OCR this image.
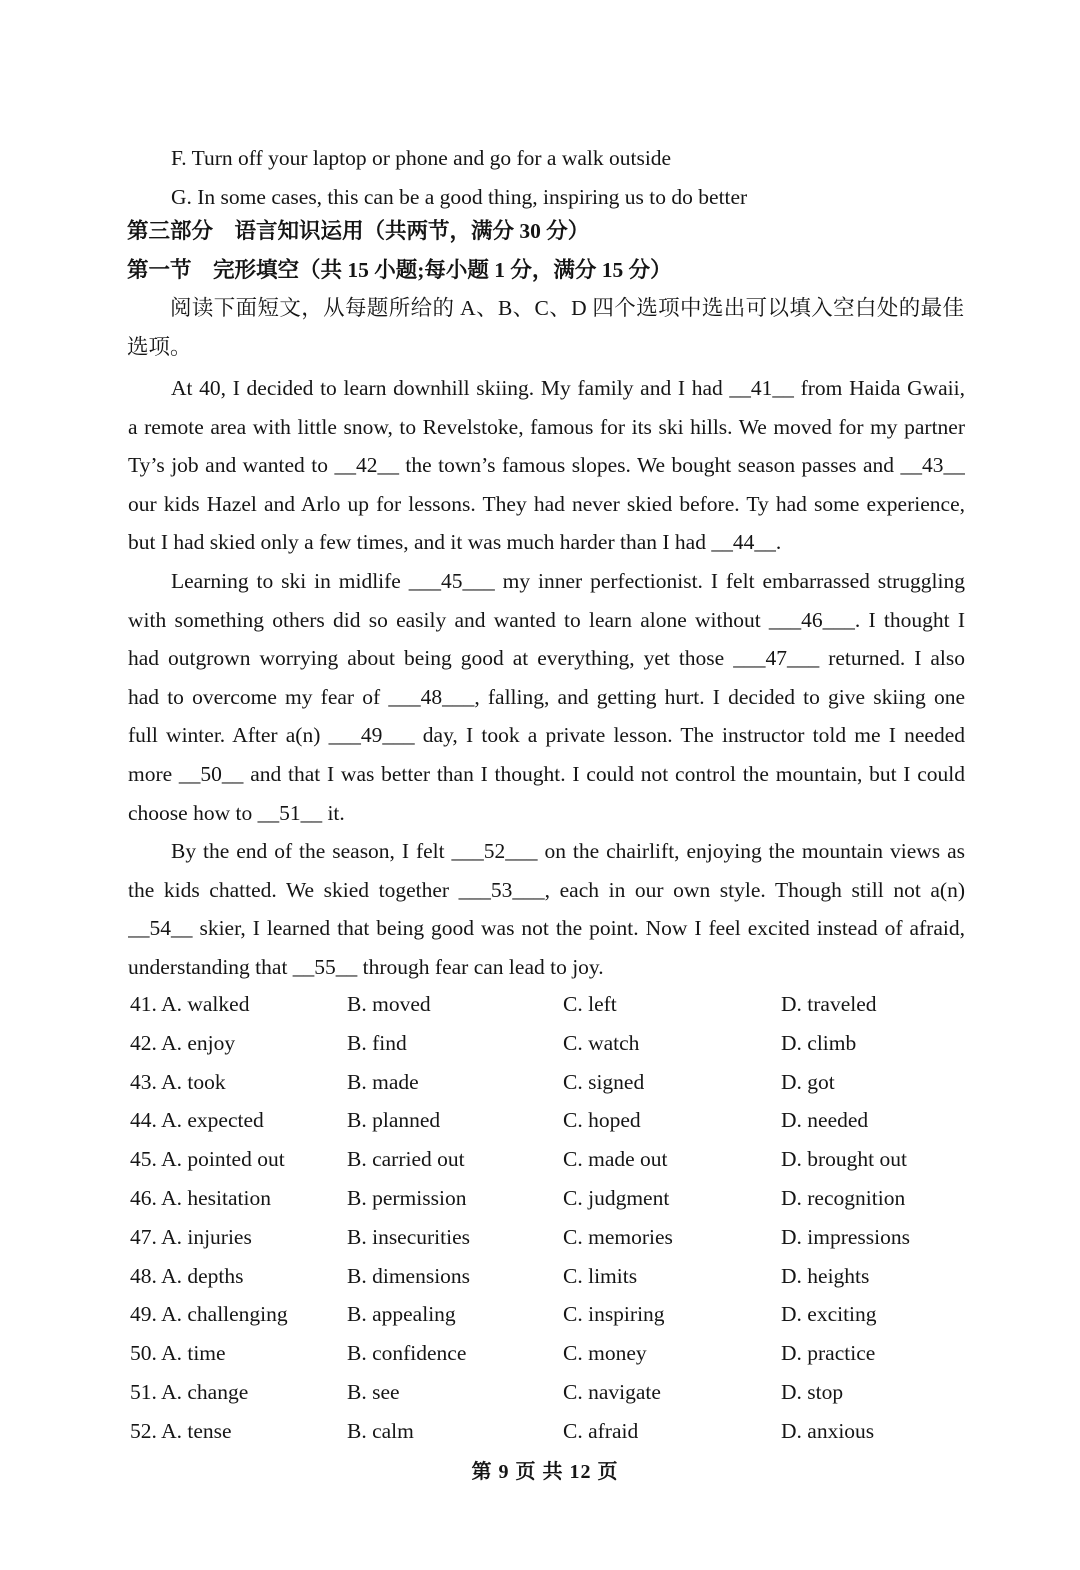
F. Turn off your laptop or phone and go for a walk outside
G. In some cases, this can be a good thing, inspiring us to do better
第三部分　语言知识运用（共两节，满分 30 分）
第一节　完形填空（共 15 小题;每小题 1 分，满分 15 分）
阅读下面短文，从每题所给的 A、B、C、D 四个选项中选出可以填入空白处的最佳
选项。
At 40, I decided to learn downhill skiing. My family and I had __41__ from Haida Gwaii,
a remote area with little snow, to Revelstoke, famous for its ski hills. We moved for my partner
Ty’s job and wanted to __42__ the town’s famous slopes. We bought season passes and __43__
our kids Hazel and Arlo up for lessons. They had never skied before. Ty had some experience,
but I had skied only a few times, and it was much harder than I had __44__.
Learning to ski in midlife ___45___ my inner perfectionist. I felt embarrassed struggling
with something others did so easily and wanted to learn alone without ___46___. I thought I
had outgrown worrying about being good at everything, yet those ___47___ returned. I also
had to overcome my fear of ___48___, falling, and getting hurt. I decided to give skiing one
full winter. After a(n) ___49___ day, I took a private lesson. The instructor told me I needed
more __50__ and that I was better than I thought. I could not control the mountain, but I could
choose how to __51__ it.
By the end of the season, I felt ___52___ on the chairlift, enjoying the mountain views as
the kids chatted. We skied together ___53___, each in our own style. Though still not a(n)
__54__ skier, I learned that being good was not the point. Now I feel excited instead of afraid,
understanding that __55__ through fear can lead to joy.
41. A. walked	B. moved	C. left	D. traveled
42. A. enjoy	B. find	C. watch	D. climb
43. A. took	B. made	C. signed	D. got
44. A. expected	B. planned	C. hoped	D. needed
45. A. pointed out	B. carried out	C. made out	D. brought out
46. A. hesitation	B. permission	C. judgment	D. recognition
47. A. injuries	B. insecurities	C. memories	D. impressions
48. A. depths	B. dimensions	C. limits	D. heights
49. A. challenging	B. appealing	C. inspiring	D. exciting
50. A. time	B. confidence	C. money	D. practice
51. A. change	B. see	C. navigate	D. stop
52. A. tense	B. calm	C. afraid	D. anxious
第 9 页 共 12 页
